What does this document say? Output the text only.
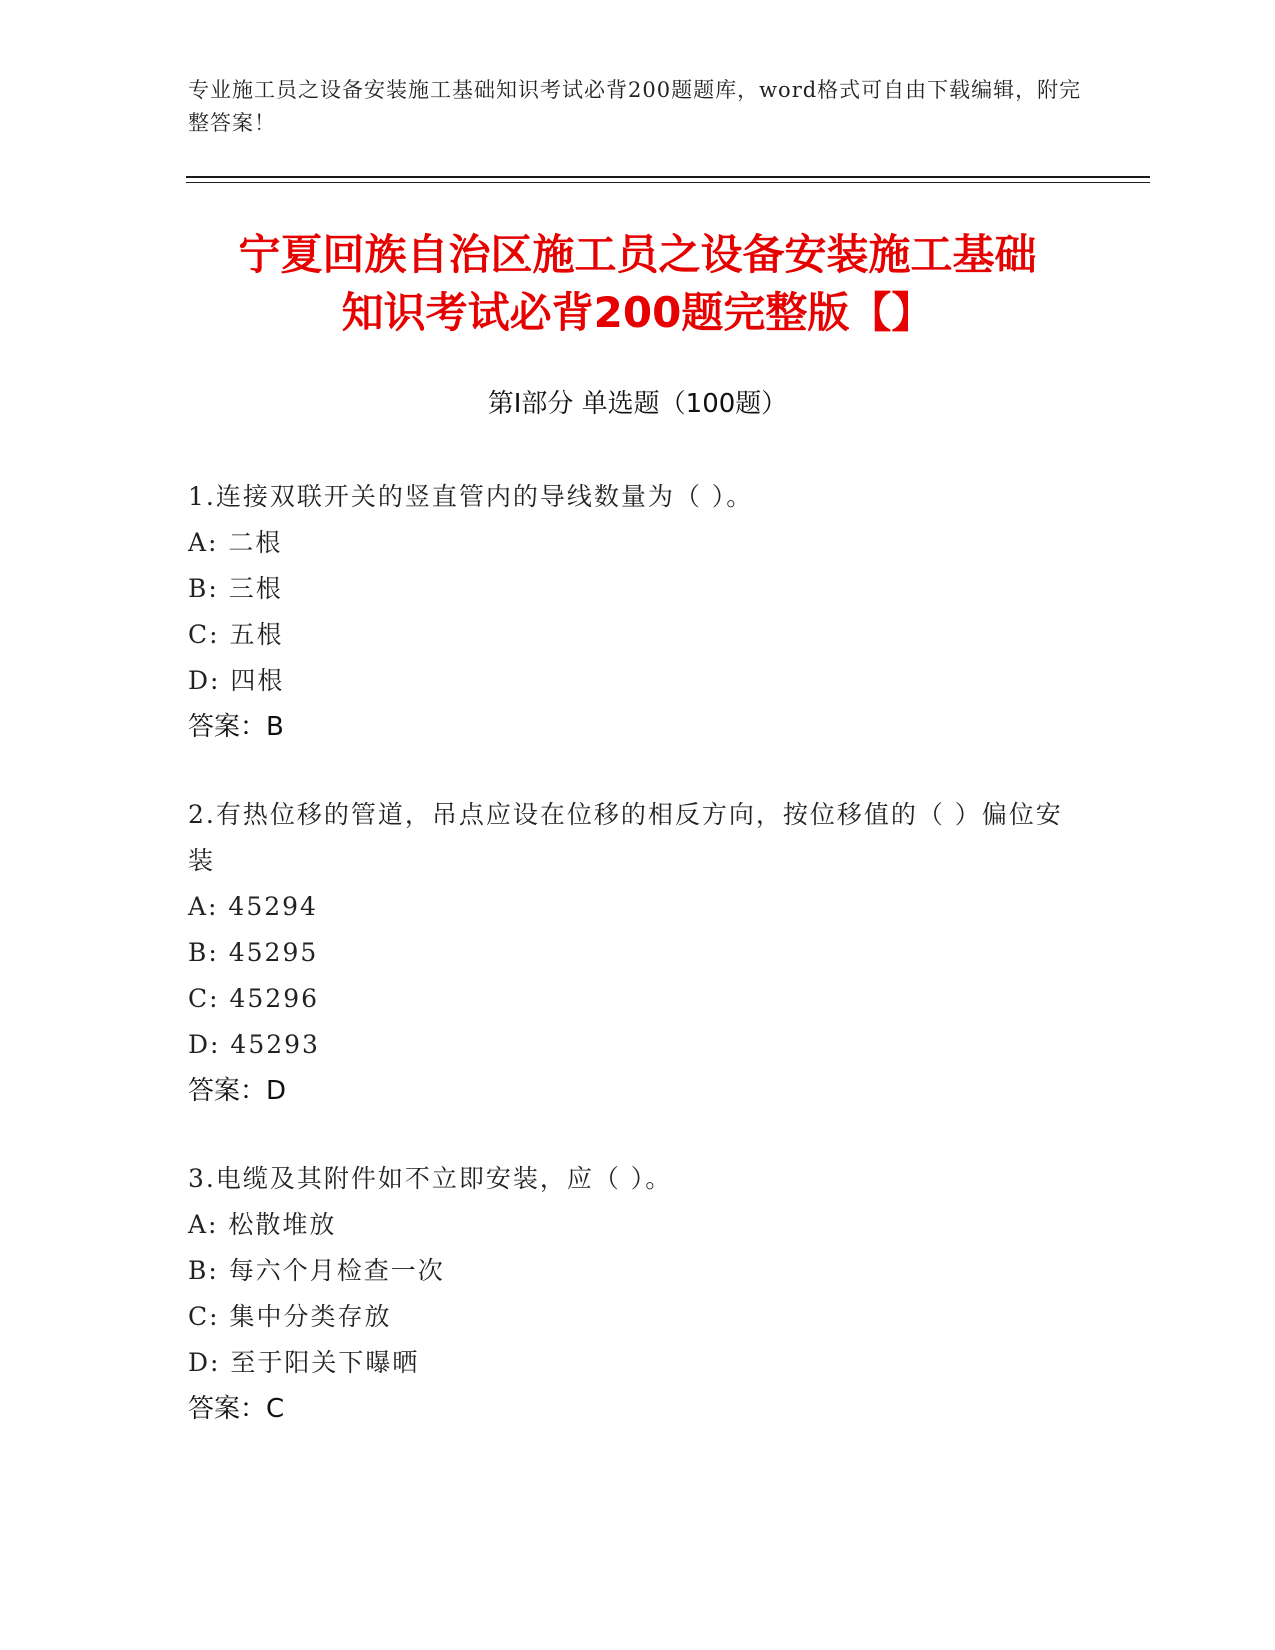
专业施工员之设备安装施工基础知识考试必背200题题库，word格式可自由下载编辑，附完整答案！
宁夏回族自治区施工员之设备安装施工基础
知识考试必背200题完整版【】
第I部分 单选题（100题）
1.连接双联开关的竖直管内的导线数量为（ ）。
A: 二根
B: 三根
C: 五根
D: 四根
答案：B
2.有热位移的管道，吊点应设在位移的相反方向，按位移值的（ ）偏位安装
A: 45294
B: 45295
C: 45296
D: 45293
答案：D
3.电缆及其附件如不立即安装，应（ ）。
A: 松散堆放
B: 每六个月检查一次
C: 集中分类存放
D: 至于阳关下曝晒
答案：C
